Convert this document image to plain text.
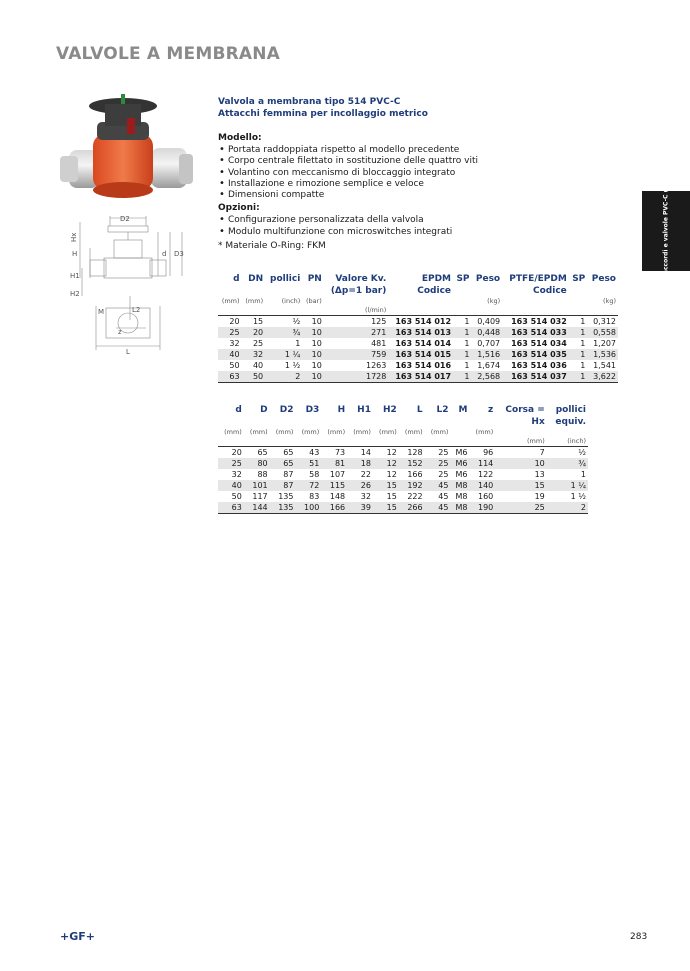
VALVOLE A MEMBRANA
Tubi, raccordi e valvole PVC-C metrico
D2
Hx
H
H1
H2
d D3
M	L2
z
L
Valvola a membrana tipo 514 PVC-C
Attacchi femmina per incollaggio metrico
Modello:
• Portata raddoppiata rispetto al modello precedente
• Corpo centrale filettato in sostituzione delle quattro viti
• Volantino con meccanismo di bloccaggio integrato
• Installazione e rimozione semplice e veloce
• Dimensioni compatte
Opzioni:
• Configurazione personalizzata della valvola
• Modulo multifunzione con microswitches integrati
* Materiale O-Ring: FKM
d	DN	pollici	PN	Valore Kv.	EPDM	SP	Peso	PTFE/EPDM	SP	Peso
				(Δp=1 bar)	Codice			Codice		
(mm)	(mm)	(inch)	(bar)				(kg)			(kg)
				(l/min)						
20	15	½	10	125	163 514 012	1	0,409	163 514 032	1	0,312
25	20	¾	10	271	163 514 013	1	0,448	163 514 033	1	0,558
32	25	1	10	481	163 514 014	1	0,707	163 514 034	1	1,207
40	32	1 ¼	10	759	163 514 015	1	1,516	163 514 035	1	1,536
50	40	1 ½	10	1263	163 514 016	1	1,674	163 514 036	1	1,541
63	50	2	10	1728	163 514 017	1	2,568	163 514 037	1	3,622
d	D	D2	D3	H	H1	H2	L	L2	M	z	Corsa =	pollici
											Hx	equiv.
(mm)	(mm)	(mm)	(mm)	(mm)	(mm)	(mm)	(mm)	(mm)		(mm)		
											(mm)	(inch)
20	65	65	43	73	14	12	128	25	M6	96	7	½
25	80	65	51	81	18	12	152	25	M6	114	10	¾
32	88	87	58	107	22	12	166	25	M6	122	13	1
40	101	87	72	115	26	15	192	45	M8	140	15	1 ¼
50	117	135	83	148	32	15	222	45	M8	160	19	1 ½
63	144	135	100	166	39	15	266	45	M8	190	25	2
+GF+	283
